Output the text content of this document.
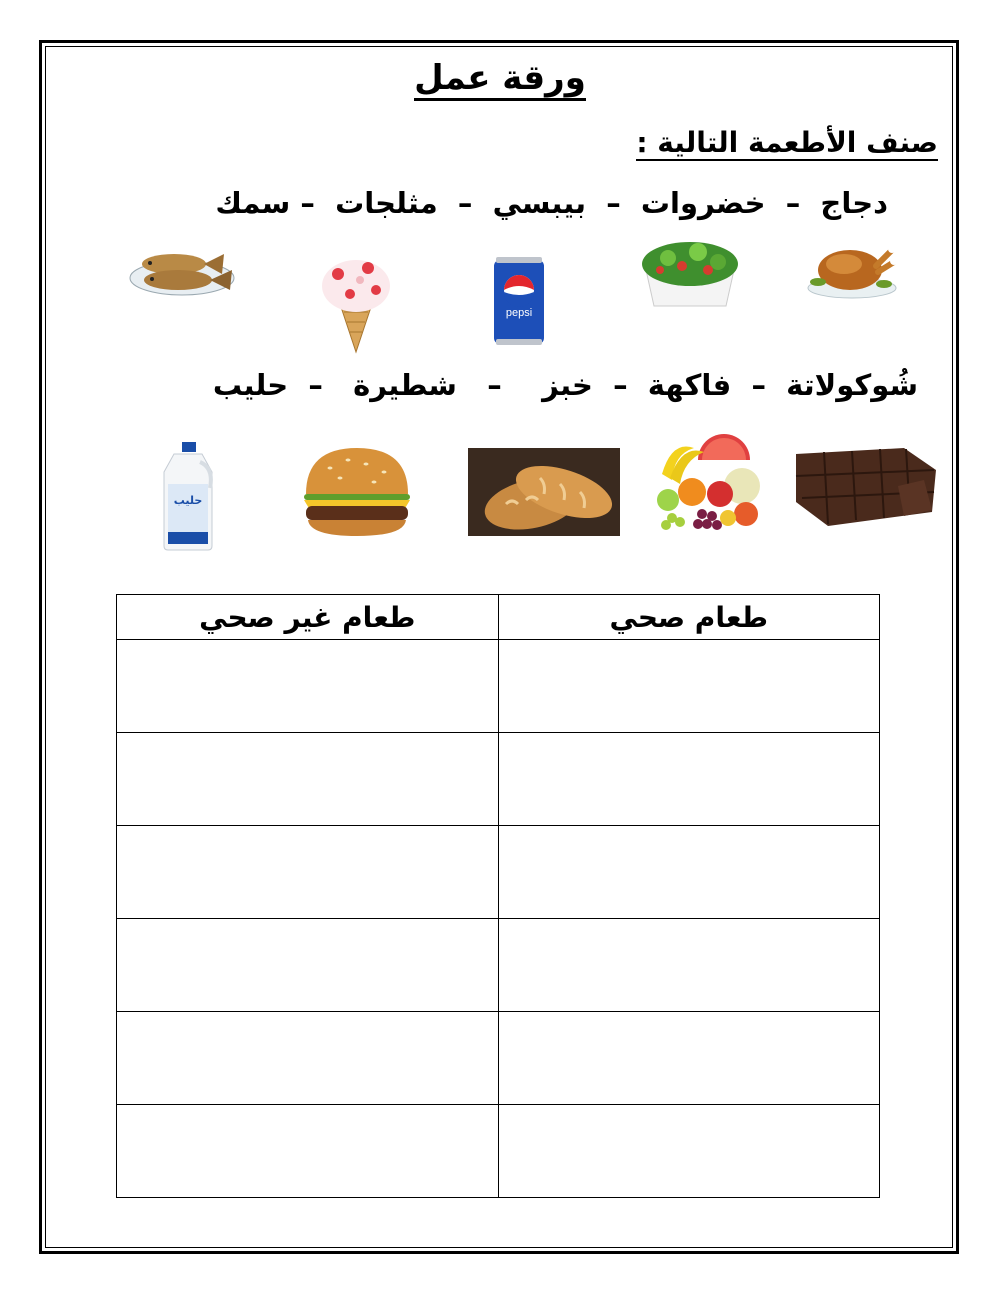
ورقة عمل
صنف الأطعمة التالية :
دجاج  –  خضروات  –  بيبسي  –  مثلجات  – سمك
pepsi
شُوكولاتة  –  فاكهة  –  خبز    –   شطيرة   –  حليب
حليب
طعام صحي	طعام غير صحي
